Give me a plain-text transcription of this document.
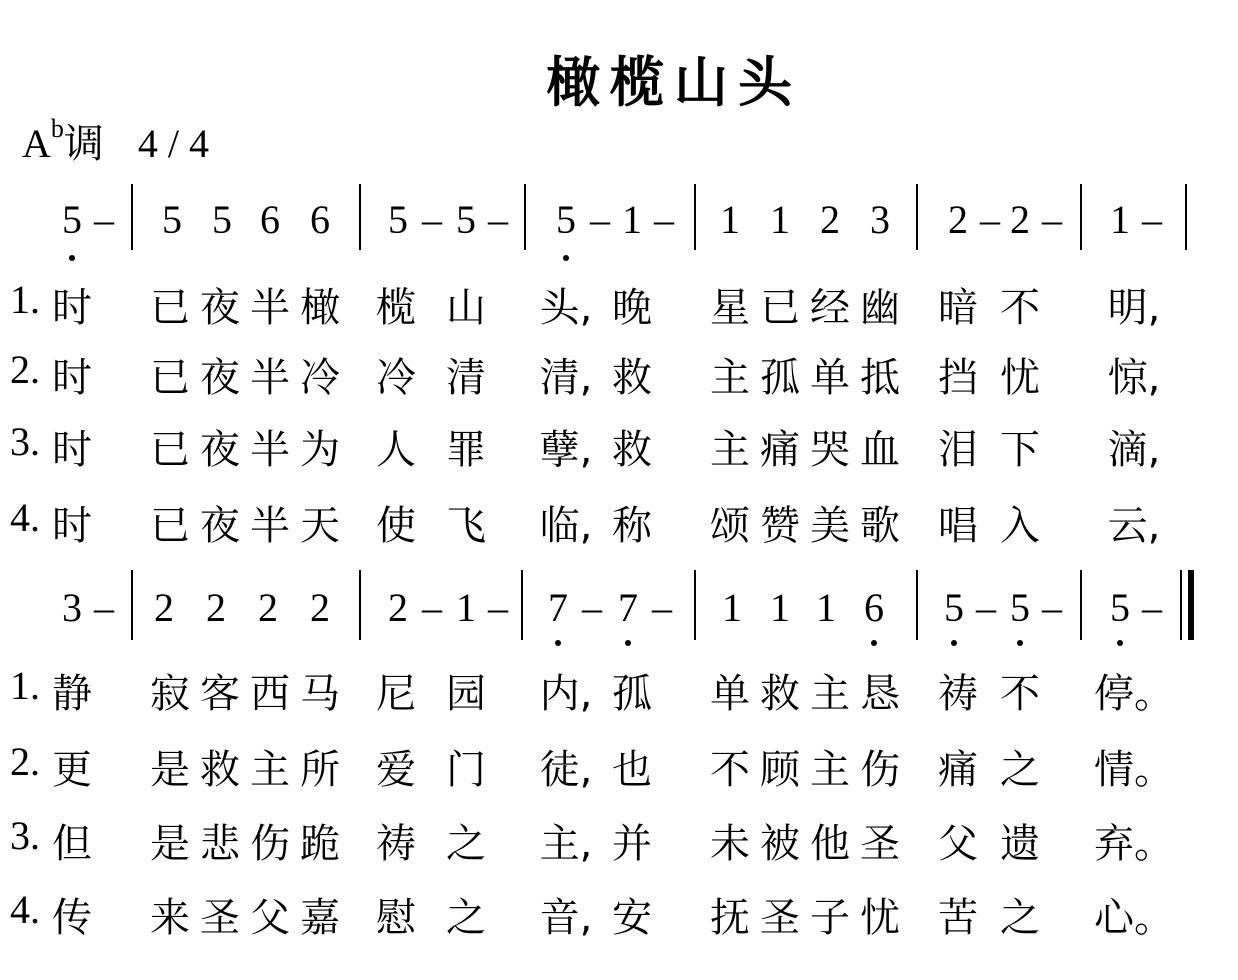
橄榄山头
$A^b$调 4 / 4
5 – 5 5 6 6 5 – 5 – 5 – 1 – 1 1 2 3 2 – 2 – 1 –
1. 时 已 夜 半 橄 榄 山 头, 晚 星 已 经 幽 暗 不 明,
2. 时 已 夜 半 冷 冷 清 清, 救 主 孤 单 抵 挡 忧 惊,
3. 时 已 夜 半 为 人 罪 孽, 救 主 痛 哭 血 泪 下 滴,
4. 时 已 夜 半 天 使 飞 临, 称 颂 赞 美 歌 唱 入 云,
3 – 2 2 2 2 2 – 1 – 7 – 7 – 1 1 1 6 5 – 5 – 5 –
1. 静 寂 客 西 马 尼 园 内, 孤 单 救 主 恳 祷 不 停。
2. 更 是 救 主 所 爱 门 徒, 也 不 顾 主 伤 痛 之 情。
3. 但 是 悲 伤 跪 祷 之 主, 并 未 被 他 圣 父 遗 弃。
4. 传 来 圣 父 嘉 慰 之 音, 安 抚 圣 子 忧 苦 之 心。
